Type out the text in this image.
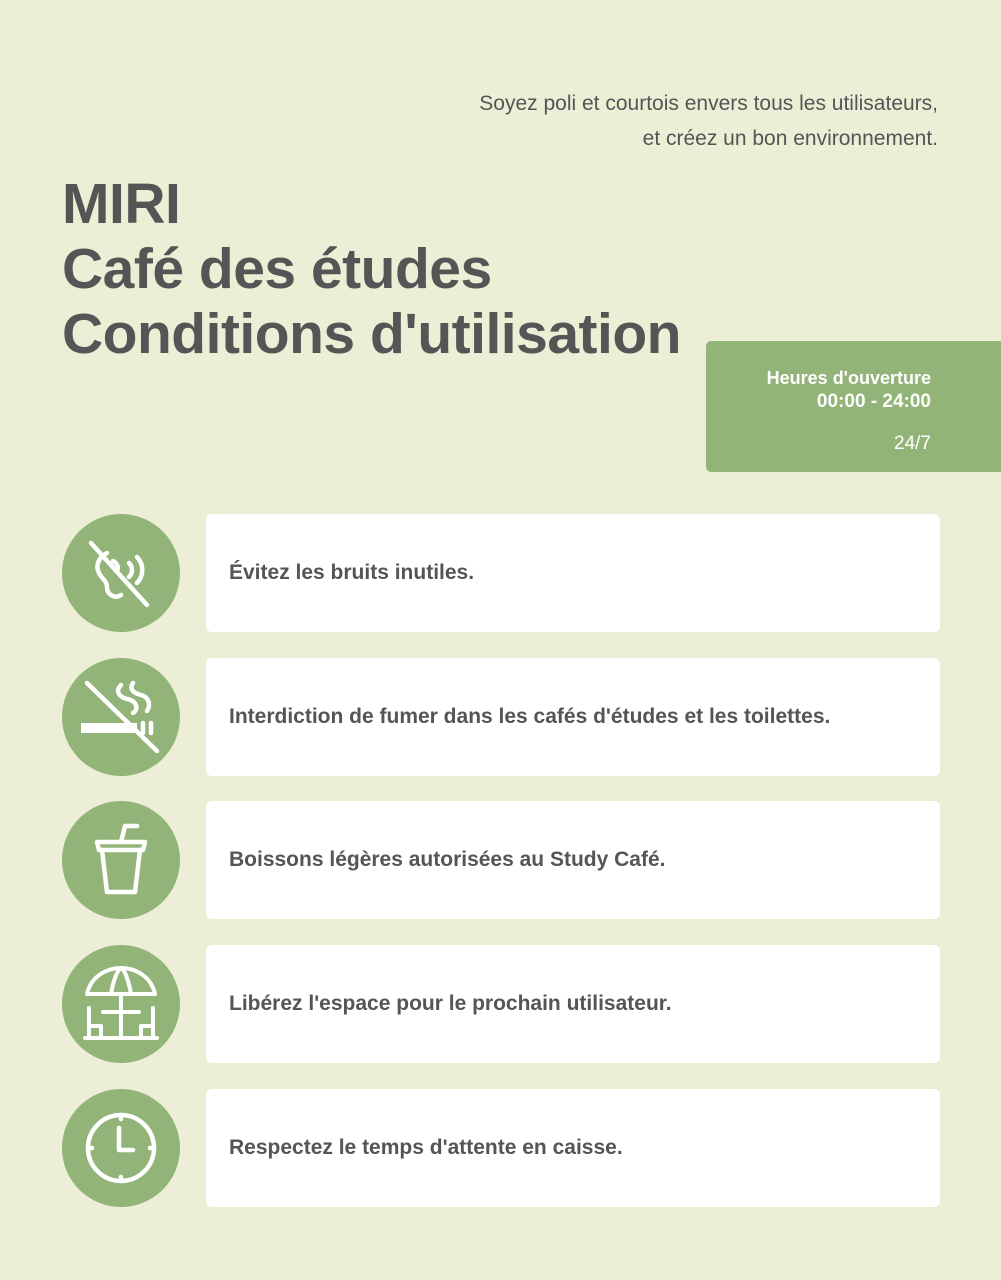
Soyez poli et courtois envers tous les utilisateurs,
et créez un bon environnement.
MIRI
Café des études
Conditions d'utilisation
Heures d'ouverture
00:00 - 24:00
24/7
Évitez les bruits inutiles.
Interdiction de fumer dans les cafés d'études et les toilettes.
Boissons légères autorisées au Study Café.
Libérez l'espace pour le prochain utilisateur.
Respectez le temps d'attente en caisse.
